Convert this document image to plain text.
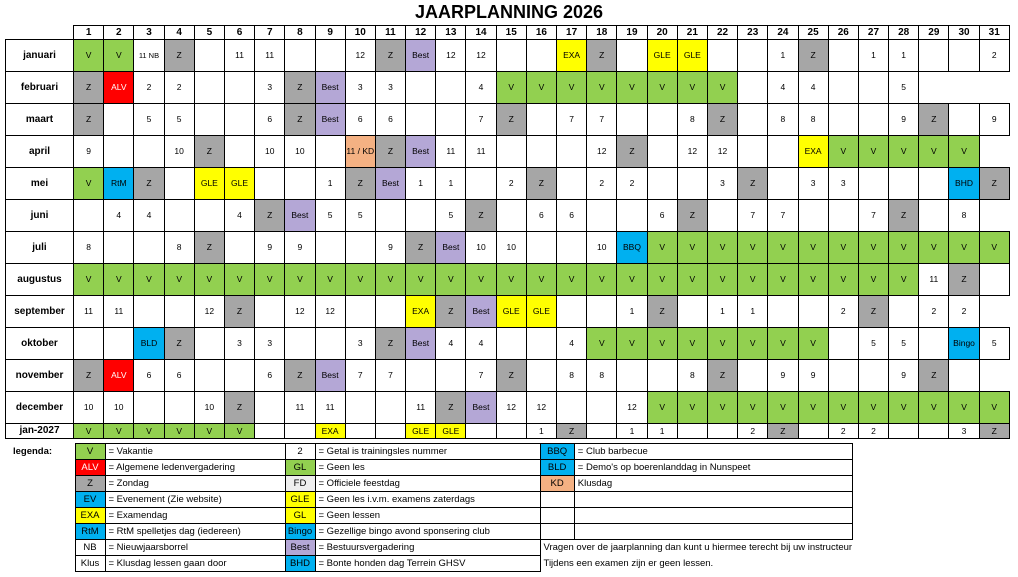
JAARPLANNING 2026
	1	2	3	4	5	6	7	8	9	10	11	12	13	14	15	16	17	18	19	20	21	22	23	24	25	26	27	28	29	30	31
januari	V	V	11 NB	Z		11	11			12	Z	Best	12	12			EXA	Z		GLE	GLE			1	Z		1	1			2
februari	Z	ALV	2	2			3	Z	Best	3	3			4	V	V	V	V	V	V	V	V		4	4			5			
maart	Z		5	5			6	Z	Best	6	6			7	Z		7	7			8	Z		8	8			9	Z		9
april	9			10	Z		10	10		11 / KD	Z	Best	11	11				12	Z		12	12			EXA	V	V	V	V	V	
mei	V	RtM	Z		GLE	GLE			1	Z	Best	1	1		2	Z		2	2			3	Z		3	3				BHD	Z
juni		4	4			4	Z	Best	5	5			5	Z		6	6			6	Z		7	7			7	Z		8	
juli	8			8	Z		9	9			9	Z	Best	10	10			10	BBQ	V	V	V	V	V	V	V	V	V	V	V	V
augustus	V	V	V	V	V	V	V	V	V	V	V	V	V	V	V	V	V	V	V	V	V	V	V	V	V	V	V	V	11	Z	
september	11	11			12	Z		12	12			EXA	Z	Best	GLE	GLE			1	Z		1	1			2	Z		2	2	
oktober			BLD	Z		3	3			3	Z	Best	4	4			4	V	V	V	V	V	V	V	V		5	5		Bingo	5
november	Z	ALV	6	6			6	Z	Best	7	7			7	Z		8	8			8	Z		9	9			9	Z		
december	10	10			10	Z		11	11			11	Z	Best	12	12			12	V	V	V	V	V	V	V	V	V	V	V	V
jan-2027	V	V	V	V	V	V			EXA			GLE	GLE			1	Z		1	1			2	Z		2	2			3	Z
legenda:	V	= Vakantie	2	= Getal is trainingsles nummer	BBQ	= Club barbecue
	ALV	= Algemene ledenvergadering	GL	= Geen les	BLD	= Demo's op boerenlanddag in Nunspeet
	Z	= Zondag	FD	= Officiele feestdag	KD	Klusdag
	EV	= Evenement (Zie website)	GLE	= Geen les i.v.m. examens zaterdags		
	EXA	= Examendag	GL	= Geen lessen		
	RtM	= RtM spelletjes dag (iedereen)	Bingo	= Gezellige bingo avond sponsering club		
	NB	= Nieuwjaarsborrel	Best	= Bestuursvergadering	Vragen over de jaarplanning dan kunt u hiermee terecht bij uw instructeur	
	Klus	= Klusdag lessen gaan door	BHD	= Bonte honden dag Terrein GHSV	Tijdens een examen zijn er geen lessen.	
